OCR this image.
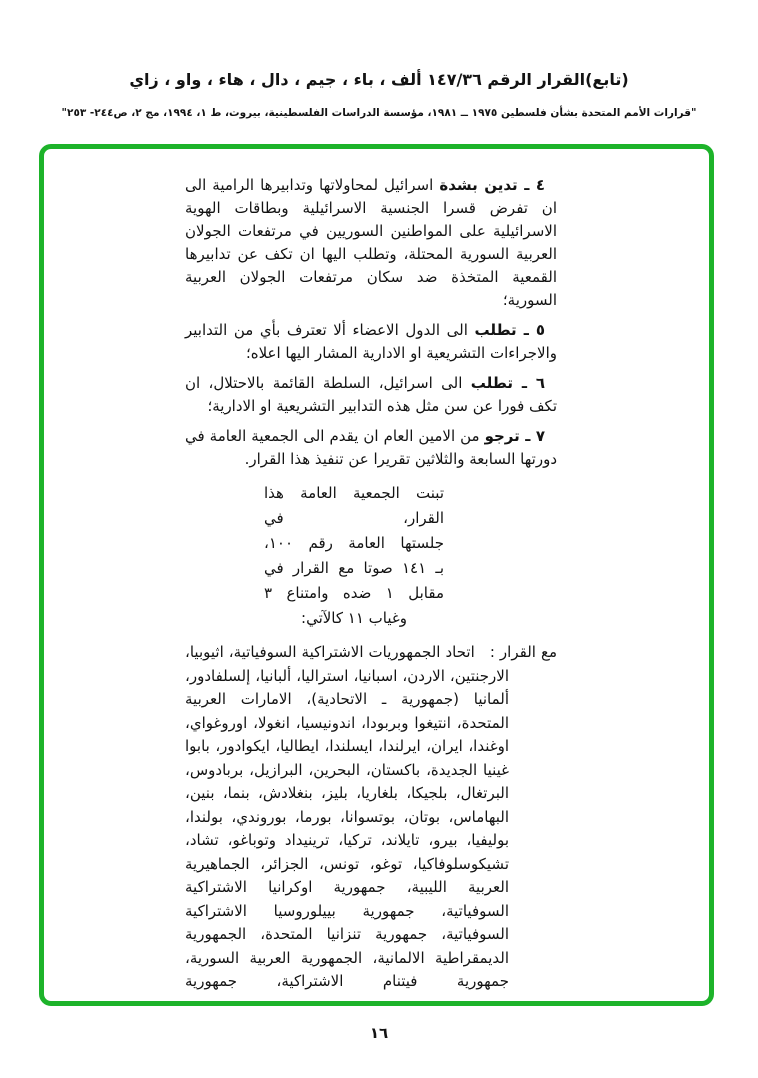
(تابع)القرار الرقم ١٤٧/٣٦ ألف ، باء ، جيم ، دال ، هاء ، واو ، زاي
"قرارات الأمم المتحدة بشأن فلسطين ١٩٧٥ ــ ١٩٨١، مؤسسة الدراسات الفلسطينية، بيروت، ط ١، ١٩٩٤، مج ٢، ص٢٤٤- ٢٥٣"

٤ ـ تدين بشدة اسرائيل لمحاولاتها وتدابيرها الرامية الى ان تفرض قسرا الجنسية الاسرائيلية وبطاقات الهوية الاسرائيلية على المواطنين السوريين في مرتفعات الجولان العربية السورية المحتلة، وتطلب اليها ان تكف عن تدابيرها القمعية المتخذة ضد سكان مرتفعات الجولان العربية السورية؛

٥ ـ تطلب الى الدول الاعضاء ألا تعترف بأي من التدابير والاجراءات التشريعية او الادارية المشار اليها اعلاه؛

٦ ـ تطلب الى اسرائيل، السلطة القائمة بالاحتلال، ان تكف فورا عن سن مثل هذه التدابير التشريعية او الادارية؛

٧ ـ ترجو من الامين العام ان يقدم الى الجمعية العامة في دورتها السابعة والثلاثين تقريرا عن تنفيذ هذا القرار.

تبنت الجمعية العامة هذا القرار، في
جلستها العامة رقم ١٠٠،
بـ ١٤١ صوتا مع القرار في
مقابل ١ ضده وامتناع ٣
وغياب ١١ كالآتي:

مع القرار : اتحاد الجمهوريات الاشتراكية السوفياتية، اثيوبيا، الارجنتين، الاردن، اسبانيا، استراليا، ألبانيا، إلسلفادور، ألمانيا (جمهورية ـ الاتحادية)، الامارات العربية المتحدة، انتيغوا وبربودا، اندونيسيا، انغولا، اوروغواي، اوغندا، ايران، ايرلندا، ايسلندا، ايطاليا، ايكوادور، بابوا غينيا الجديدة، باكستان، البحرين، البرازيل، بربادوس، البرتغال، بلجيكا، بلغاريا، بليز، بنغلادش، بنما، بنين، البهاماس، بوتان، بوتسوانا، بورما، بوروندي، بولندا، بوليفيا، بيرو، تايلاند، تركيا، ترينيداد وتوباغو، تشاد، تشيكوسلوفاكيا، توغو، تونس، الجزائر، الجماهيرية العربية الليبية، جمهورية اوكرانيا الاشتراكية السوفياتية، جمهورية بييلوروسيا الاشتراكية السوفياتية، جمهورية تنزانيا المتحدة، الجمهورية الديمقراطية الالمانية، الجمهورية العربية السورية، جمهورية فيتنام الاشتراكية، جمهورية

١٦
